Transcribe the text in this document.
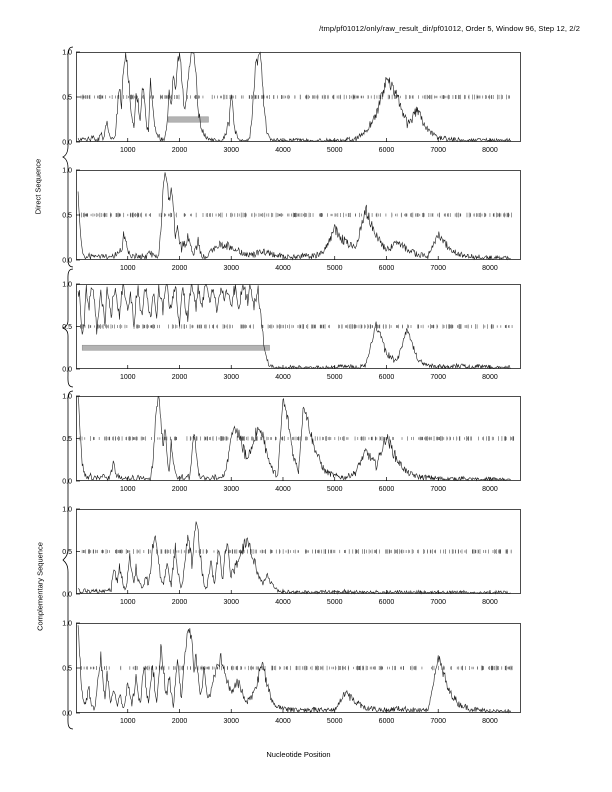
/tmp/pf01012/only/raw_result_dir/pf01012, Order 5, Window 96, Step 12, 2/2
Direct Sequence
Complementary Sequence
Nucleotide Position
0.0
0.5
1.0
1000	2000	3000	4000	5000	6000	7000	8000
0.0
0.5
1.0
1000	2000	3000	4000	5000	6000	7000	8000
0.0
0.5
1.0
1000	2000	3000	4000	5000	6000	7000	8000
0.0
0.5
1.0
1000	2000	3000	4000	5000	6000	7000	8000
0.0
0.5
1.0
1000	2000	3000	4000	5000	6000	7000	8000
0.0
0.5
1.0
1000	2000	3000	4000	5000	6000	7000	8000
